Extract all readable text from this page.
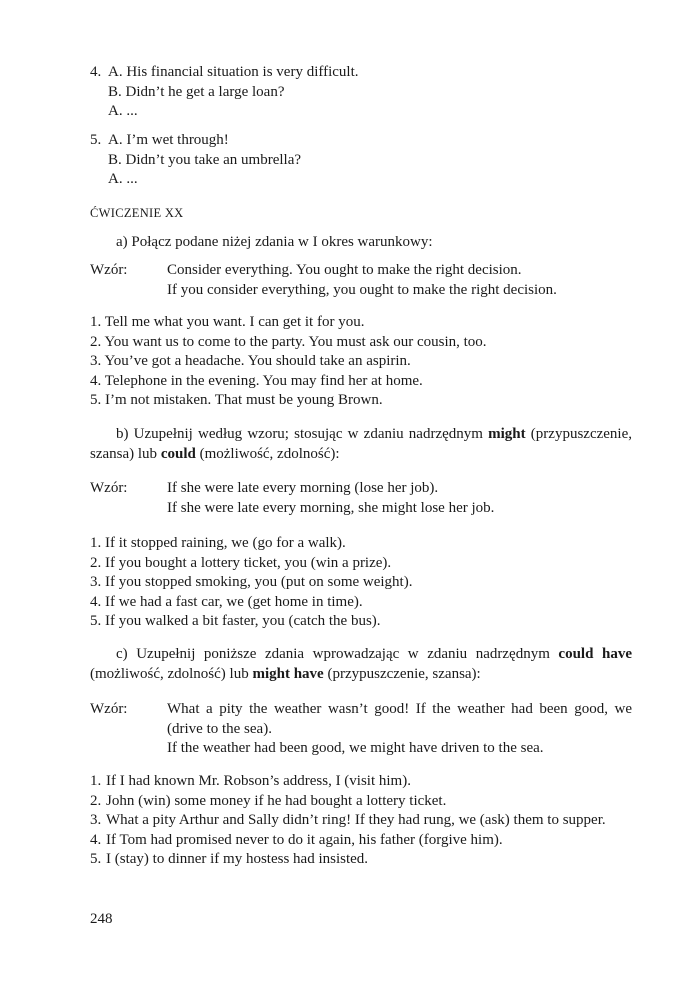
4. A. His financial situation is very difficult.
B. Didn’t he get a large loan?
A. ...
5. A. I’m wet through!
B. Didn’t you take an umbrella?
A. ...
ĆWICZENIE XX
a) Połącz podane niżej zdania w I okres warunkowy:
Wzór:	Consider everything. You ought to make the right decision.
If you consider everything, you ought to make the right decision.
1. Tell me what you want. I can get it for you.
2. You want us to come to the party. You must ask our cousin, too.
3. You’ve got a headache. You should take an aspirin.
4. Telephone in the evening. You may find her at home.
5. I’m not mistaken. That must be young Brown.
b) Uzupełnij według wzoru; stosując w zdaniu nadrzędnym might (przypuszczenie, szansa) lub could (możliwość, zdolność):
Wzór:	If she were late every morning (lose her job).
If she were late every morning, she might lose her job.
1. If it stopped raining, we (go for a walk).
2. If you bought a lottery ticket, you (win a prize).
3. If you stopped smoking, you (put on some weight).
4. If we had a fast car, we (get home in time).
5. If you walked a bit faster, you (catch the bus).
c) Uzupełnij poniższe zdania wprowadzając w zdaniu nadrzędnym could have (możliwość, zdolność) lub might have (przypuszczenie, szansa):
Wzór:	What a pity the weather wasn’t good! If the weather had been good, we (drive to the sea).
If the weather had been good, we might have driven to the sea.
1. If I had known Mr. Robson’s address, I (visit him).
2. John (win) some money if he had bought a lottery ticket.
3. What a pity Arthur and Sally didn’t ring! If they had rung, we (ask) them to supper.
4. If Tom had promised never to do it again, his father (forgive him).
5. I (stay) to dinner if my hostess had insisted.
248
